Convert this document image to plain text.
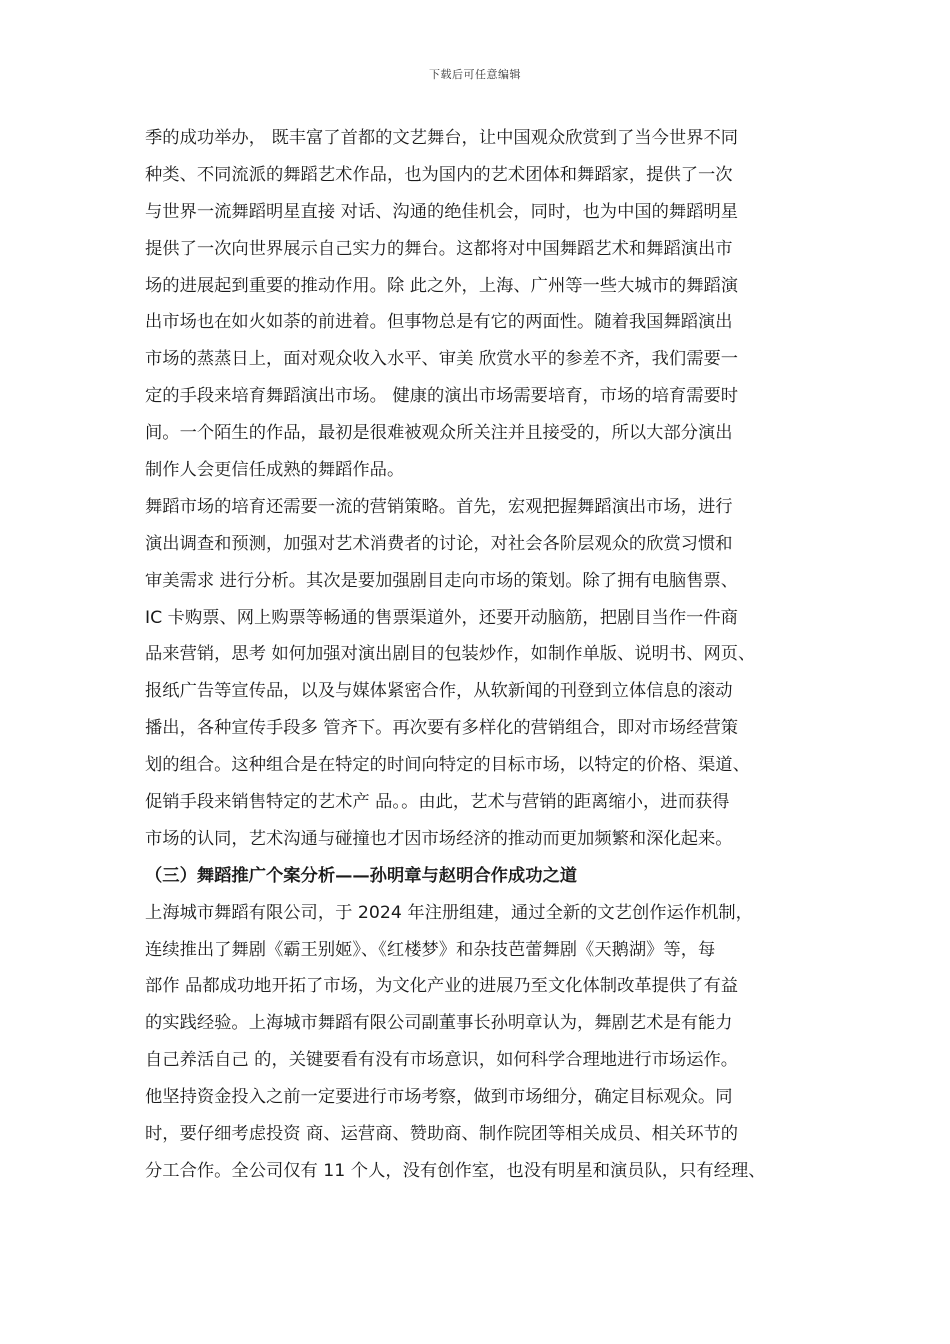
下载后可任意编辑
季的成功举办， 既丰富了首都的文艺舞台，让中国观众欣赏到了当今世界不同
种类、不同流派的舞蹈艺术作品，也为国内的艺术团体和舞蹈家，提供了一次
与世界一流舞蹈明星直接 对话、沟通的绝佳机会，同时，也为中国的舞蹈明星
提供了一次向世界展示自己实力的舞台。这都将对中国舞蹈艺术和舞蹈演出市
场的进展起到重要的推动作用。除 此之外，上海、广州等一些大城市的舞蹈演
出市场也在如火如荼的前进着。但事物总是有它的两面性。随着我国舞蹈演出
市场的蒸蒸日上，面对观众收入水平、审美 欣赏水平的参差不齐，我们需要一
定的手段来培育舞蹈演出市场。 健康的演出市场需要培育，市场的培育需要时
间。一个陌生的作品，最初是很难被观众所关注并且接受的，所以大部分演出
制作人会更信任成熟的舞蹈作品。
舞蹈市场的培育还需要一流的营销策略。首先，宏观把握舞蹈演出市场，进行
演出调查和预测，加强对艺术消费者的讨论，对社会各阶层观众的欣赏习惯和
审美需求 进行分析。其次是要加强剧目走向市场的策划。除了拥有电脑售票、
IC 卡购票、网上购票等畅通的售票渠道外，还要开动脑筋，把剧目当作一件商
品来营销，思考 如何加强对演出剧目的包装炒作，如制作单版、说明书、网页、
报纸广告等宣传品，以及与媒体紧密合作，从软新闻的刊登到立体信息的滚动
播出，各种宣传手段多 管齐下。再次要有多样化的营销组合，即对市场经营策
划的组合。这种组合是在特定的时间向特定的目标市场，以特定的价格、渠道、
促销手段来销售特定的艺术产 品。。由此，艺术与营销的距离缩小，进而获得
市场的认同，艺术沟通与碰撞也才因市场经济的推动而更加频繁和深化起来。
（三）舞蹈推广个案分析——孙明章与赵明合作成功之道
上海城市舞蹈有限公司，于 2024 年注册组建，通过全新的文艺创作运作机制，
连续推出了舞剧《霸王别姬》、《红楼梦》和杂技芭蕾舞剧《天鹅湖》等，每
部作 品都成功地开拓了市场，为文化产业的进展乃至文化体制改革提供了有益
的实践经验。上海城市舞蹈有限公司副董事长孙明章认为，舞剧艺术是有能力
自己养活自己 的，关键要看有没有市场意识，如何科学合理地进行市场运作。
他坚持资金投入之前一定要进行市场考察，做到市场细分，确定目标观众。同
时，要仔细考虑投资 商、运营商、赞助商、制作院团等相关成员、相关环节的
分工合作。全公司仅有 11 个人，没有创作室，也没有明星和演员队，只有经理、
